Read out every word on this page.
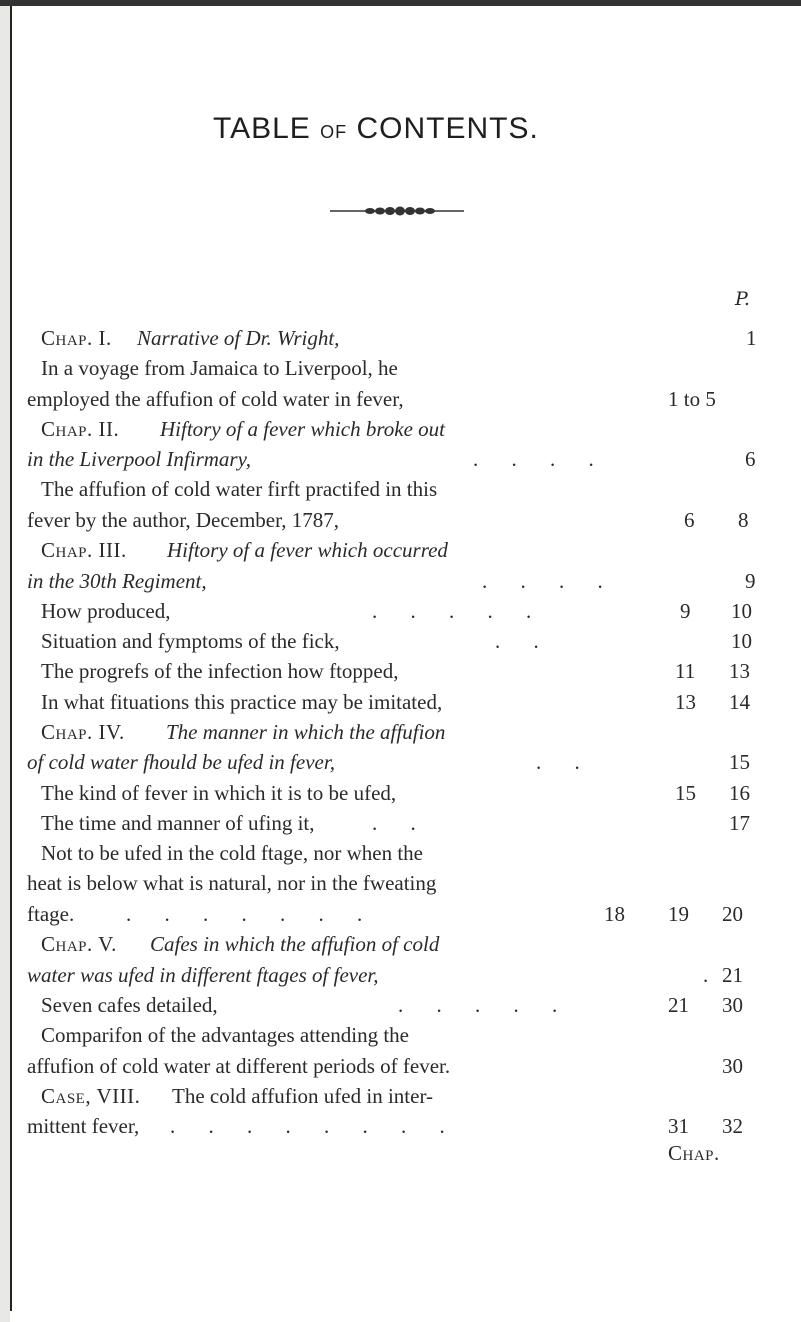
TABLE OF CONTENTS.
P.
Chap. I. Narrative of Dr. Wright,	1
In a voyage from Jamaica to Liverpool, he
employed the affufion of cold water in fever,	1 to 5
Chap. II. Hiftory of a fever which broke out
in the Liverpool Infirmary,	. . . .	6
The affufion of cold water firft practifed in this
fever by the author, December, 1787,	6 8
Chap. III. Hiftory of a fever which occurred
in the 30th Regiment,	. . . .	9
How produced,	. . . . .	9 10
Situation and fymptoms of the fick,	. .	10
The progrefs of the infection how ftopped,	11 13
In what fituations this practice may be imitated,	13 14
Chap. IV. The manner in which the affufion
of cold water fhould be ufed in fever,	. .	15
The kind of fever in which it is to be ufed,	15 16
The time and manner of ufing it,	. .	17
Not to be ufed in the cold ftage, nor when the
heat is below what is natural, nor in the fweating
ftage. . . . . . . .	18 19 20
Chap. V. Cafes in which the affufion of cold
water was ufed in different ftages of fever,	. 21
Seven cafes detailed,	. . . . .	21 30
Comparifon of the advantages attending the
affufion of cold water at different periods of fever.	30
Case, VIII. The cold affufion ufed in inter-
mittent fever, . . . . . . . .	31 32
Chap.
